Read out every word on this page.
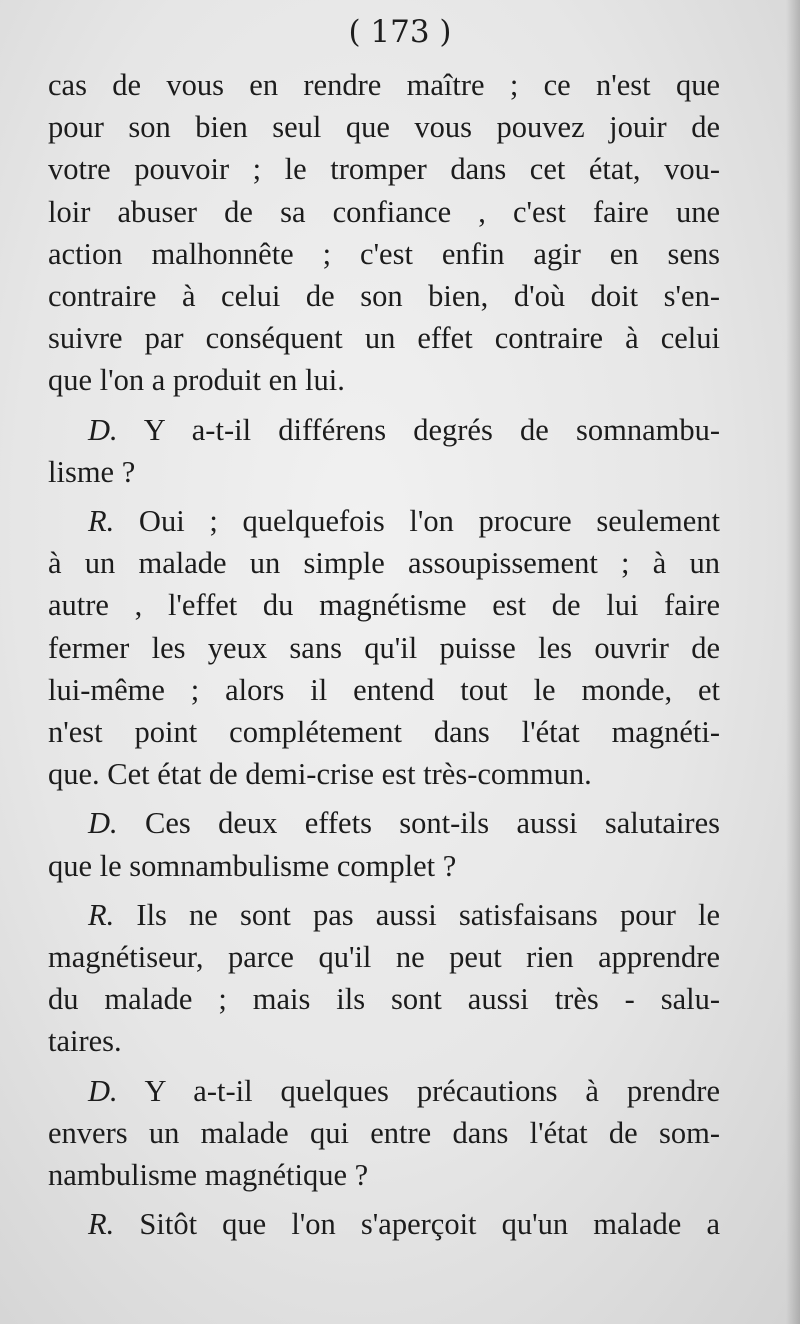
( 173 )
cas de vous en rendre maître ; ce n'est que
pour son bien seul que vous pouvez jouir de
votre pouvoir ; le tromper dans cet état, vou-
loir abuser de sa confiance , c'est faire une
action malhonnête ; c'est enfin agir en sens
contraire à celui de son bien, d'où doit s'en-
suivre par conséquent un effet contraire à celui
que l'on a produit en lui.
D. Y a-t-il différens degrés de somnambu-
lisme ?
R. Oui ; quelquefois l'on procure seulement
à un malade un simple assoupissement ; à un
autre , l'effet du magnétisme est de lui faire
fermer les yeux sans qu'il puisse les ouvrir de
lui-même ; alors il entend tout le monde, et
n'est point complétement dans l'état magnéti-
que. Cet état de demi-crise est très-commun.
D. Ces deux effets sont-ils aussi salutaires
que le somnambulisme complet ?
R. Ils ne sont pas aussi satisfaisans pour le
magnétiseur, parce qu'il ne peut rien apprendre
du malade ; mais ils sont aussi très - salu-
taires.
D. Y a-t-il quelques précautions à prendre
envers un malade qui entre dans l'état de som-
nambulisme magnétique ?
R. Sitôt que l'on s'aperçoit qu'un malade a
